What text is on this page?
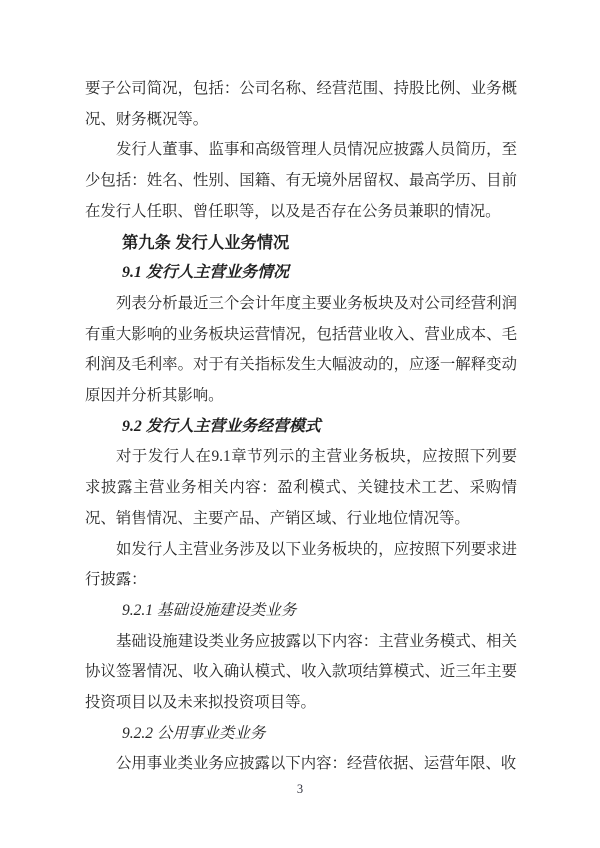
要子公司简况，包括：公司名称、经营范围、持股比例、业务概况、财务概况等。

发行人董事、监事和高级管理人员情况应披露人员简历，至少包括：姓名、性别、国籍、有无境外居留权、最高学历、目前在发行人任职、曾任职等，以及是否存在公务员兼职的情况。

第九条 发行人业务情况
9.1 发行人主营业务情况

列表分析最近三个会计年度主要业务板块及对公司经营利润有重大影响的业务板块运营情况，包括营业收入、营业成本、毛利润及毛利率。对于有关指标发生大幅波动的，应逐一解释变动原因并分析其影响。

9.2 发行人主营业务经营模式

对于发行人在9.1章节列示的主营业务板块，应按照下列要求披露主营业务相关内容：盈利模式、关键技术工艺、采购情况、销售情况、主要产品、产销区域、行业地位情况等。

如发行人主营业务涉及以下业务板块的，应按照下列要求进行披露：

9.2.1 基础设施建设类业务

基础设施建设类业务应披露以下内容：主营业务模式、相关协议签署情况、收入确认模式、收入款项结算模式、近三年主要投资项目以及未来拟投资项目等。

9.2.2 公用事业类业务

公用事业类业务应披露以下内容：经营依据、运营年限、收

3
